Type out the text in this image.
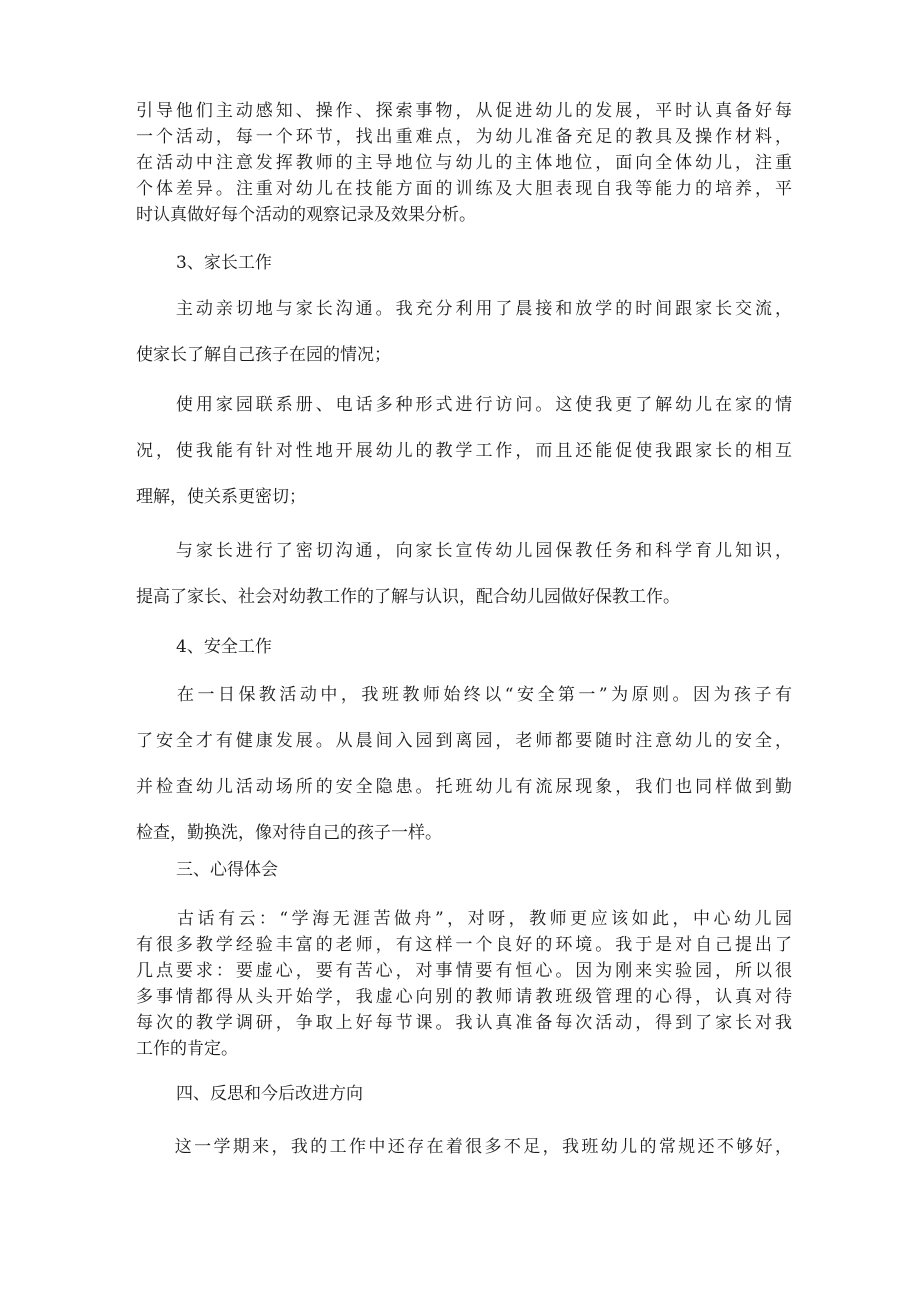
引导他们主动感知、操作、探索事物，从促进幼儿的发展，平时认真备好每
一个活动，每一个环节，找出重难点，为幼儿准备充足的教具及操作材料，
在活动中注意发挥教师的主导地位与幼儿的主体地位，面向全体幼儿，注重
个体差异。注重对幼儿在技能方面的训练及大胆表现自我等能力的培养，平
时认真做好每个活动的观察记录及效果分析。
3、家长工作
　　主动亲切地与家长沟通。我充分利用了晨接和放学的时间跟家长交流，
使家长了解自己孩子在园的情况；
　　使用家园联系册、电话多种形式进行访问。这使我更了解幼儿在家的情
况，使我能有针对性地开展幼儿的教学工作，而且还能促使我跟家长的相互
理解，使关系更密切；
　　与家长进行了密切沟通，向家长宣传幼儿园保教任务和科学育儿知识，
提高了家长、社会对幼教工作的了解与认识，配合幼儿园做好保教工作。
4、安全工作
　　在一日保教活动中，我班教师始终以“安全第一”为原则。因为孩子有
了安全才有健康发展。从晨间入园到离园，老师都要随时注意幼儿的安全，
并检查幼儿活动场所的安全隐患。托班幼儿有流尿现象，我们也同样做到勤
检查，勤换洗，像对待自己的孩子一样。
三、心得体会
　　古话有云：“学海无涯苦做舟”，对呀，教师更应该如此，中心幼儿园
有很多教学经验丰富的老师，有这样一个良好的环境。我于是对自己提出了
几点要求：要虚心，要有苦心，对事情要有恒心。因为刚来实验园，所以很
多事情都得从头开始学，我虚心向别的教师请教班级管理的心得，认真对待
每次的教学调研，争取上好每节课。我认真准备每次活动，得到了家长对我
工作的肯定。
四、反思和今后改进方向
　　这一学期来，我的工作中还存在着很多不足，我班幼儿的常规还不够好，
